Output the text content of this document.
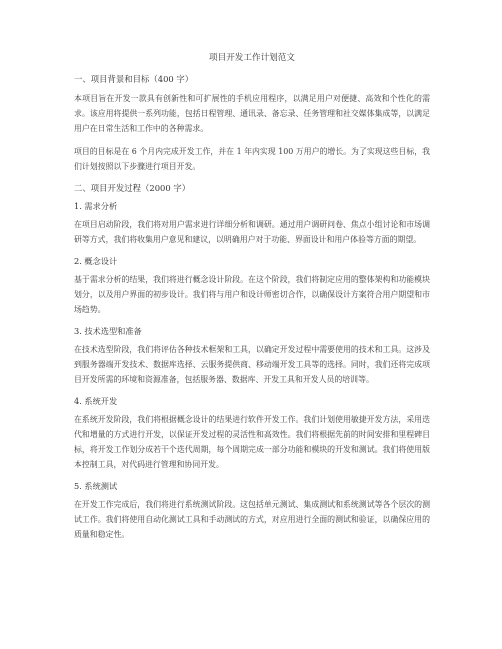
项目开发工作计划范文
一、项目背景和目标（400 字）

本项目旨在开发一款具有创新性和可扩展性的手机应用程序，以满足用户对便捷、高效和个性化的需求。该应用将提供一系列功能，包括日程管理、通讯录、备忘录、任务管理和社交媒体集成等，以满足用户在日常生活和工作中的各种需求。

项目的目标是在 6 个月内完成开发工作，并在 1 年内实现 100 万用户的增长。为了实现这些目标，我们计划按照以下步骤进行项目开发。

二、项目开发过程（2000 字）
1. 需求分析

在项目启动阶段，我们将对用户需求进行详细分析和调研。通过用户调研问卷、焦点小组讨论和市场调研等方式，我们将收集用户意见和建议，以明确用户对于功能、界面设计和用户体验等方面的期望。

2. 概念设计

基于需求分析的结果，我们将进行概念设计阶段。在这个阶段，我们将制定应用的整体架构和功能模块划分，以及用户界面的初步设计。我们将与用户和设计师密切合作，以确保设计方案符合用户期望和市场趋势。

3. 技术选型和准备

在技术选型阶段，我们将评估各种技术框架和工具，以确定开发过程中需要使用的技术和工具。这涉及到服务器端开发技术、数据库选择、云服务提供商、移动端开发工具等的选择。同时，我们还将完成项目开发所需的环境和资源准备，包括服务器、数据库、开发工具和开发人员的培训等。

4. 系统开发

在系统开发阶段，我们将根据概念设计的结果进行软件开发工作。我们计划使用敏捷开发方法，采用迭代和增量的方式进行开发，以保证开发过程的灵活性和高效性。我们将根据先前的时间安排和里程碑目标，将开发工作划分成若干个迭代周期，每个周期完成一部分功能和模块的开发和测试。我们将使用版本控制工具，对代码进行管理和协同开发。

5. 系统测试

在开发工作完成后，我们将进行系统测试阶段。这包括单元测试、集成测试和系统测试等各个层次的测试工作。我们将使用自动化测试工具和手动测试的方式，对应用进行全面的测试和验证，以确保应用的质量和稳定性。
